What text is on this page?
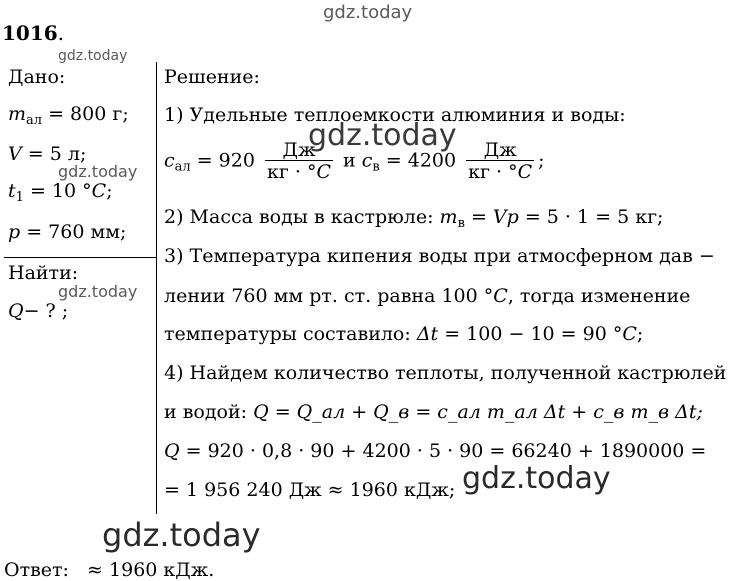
1016.
gdz.today
gdz.today
gdz.today
gdz.today
Дано:
$m_{ал} = 800$ г;
V = 5 л;
$t_1 = 10$ °C;
p = 760 мм;
Найти:
Q− ? ;
Решение:
1) Удельные теплоемкости алюминия и воды:
$c_{ал} = 920 \frac{Дж}{кг \cdot ^\circ C}$ и $c_в = 4200 \frac{Дж}{кг \cdot ^\circ C}$ ;
gdz.today
2) Масса воды в кастрюле: $m_в = Vp = 5 \cdot 1 = 5$ кг;
3) Температура кипения воды при атмосферном дав −
лении 760 мм рт. ст. равна 100 °C, тогда изменение
температуры составило: Δt = 100 − 10 = 90 °C;
4) Найдем количество теплоты, полученной кастрюлей
и водой: Q = Q_ал + Q_в = c_ал m_ал Δt + c_в m_в Δt;
Q = 920 · 0,8 · 90 + 4200 · 5 · 90 = 66240 + 1890000 =
= 1 956 240 Дж ≈ 1960 кДж; gdz.today
gdz.today
Ответ:   ≈ 1960 кДж.
